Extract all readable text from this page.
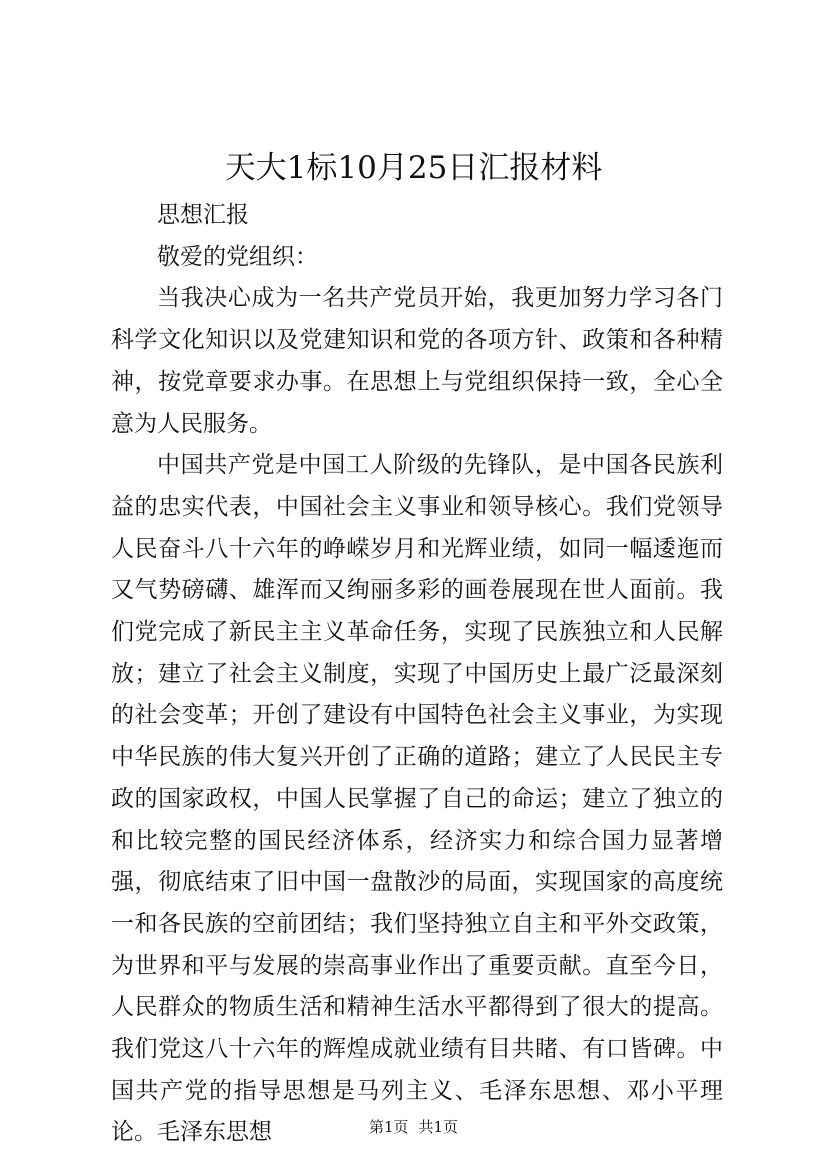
天大1标10月25日汇报材料

思想汇报

敬爱的党组织：

当我决心成为一名共产党员开始，我更加努力学习各门科学文化知识以及党建知识和党的各项方针、政策和各种精神，按党章要求办事。在思想上与党组织保持一致，全心全意为人民服务。

中国共产党是中国工人阶级的先锋队，是中国各民族利益的忠实代表，中国社会主义事业和领导核心。我们党领导人民奋斗八十六年的峥嵘岁月和光辉业绩，如同一幅逶迤而又气势磅礴、雄浑而又绚丽多彩的画卷展现在世人面前。我们党完成了新民主主义革命任务，实现了民族独立和人民解放；建立了社会主义制度，实现了中国历史上最广泛最深刻的社会变革；开创了建设有中国特色社会主义事业，为实现中华民族的伟大复兴开创了正确的道路；建立了人民民主专政的国家政权，中国人民掌握了自己的命运；建立了独立的和比较完整的国民经济体系，经济实力和综合国力显著增强，彻底结束了旧中国一盘散沙的局面，实现国家的高度统一和各民族的空前团结；我们坚持独立自主和平外交政策，为世界和平与发展的崇高事业作出了重要贡献。直至今日，人民群众的物质生活和精神生活水平都得到了很大的提高。我们党这八十六年的辉煌成就业绩有目共睹、有口皆碑。中国共产党的指导思想是马列主义、毛泽东思想、邓小平理论。毛泽东思想	第1页 共1页
